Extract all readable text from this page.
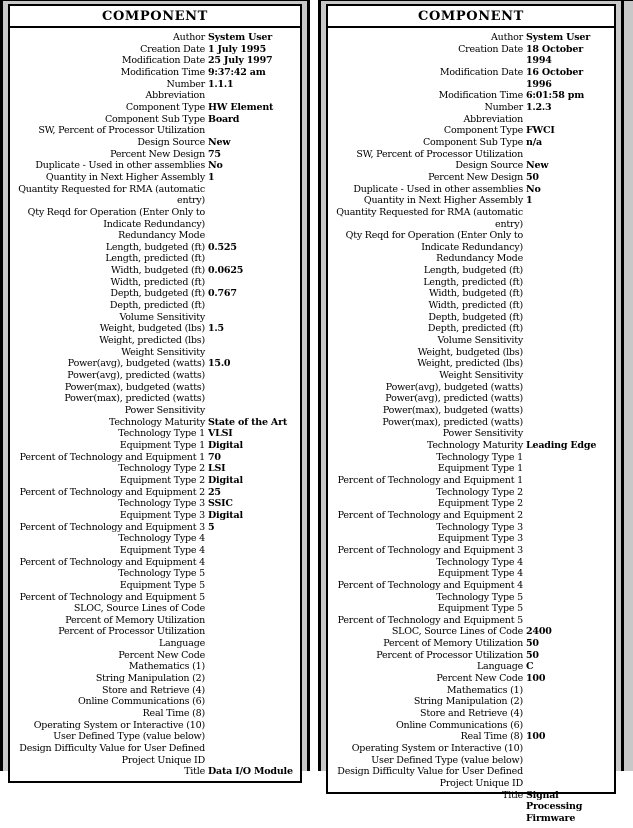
COMPONENT
Author System User
Creation Date 1 July 1995
Modification Date 25 July 1997
Modification Time 9:37:42 am
Number 1.1.1
Abbreviation
Component Type HW Element
Component Sub Type Board
SW, Percent of Processor Utilization
Design Source New
Percent New Design 75
Duplicate - Used in other assemblies No
Quantity in Next Higher Assembly 1
Quantity Requested for RMA (automatic entry)
Qty Reqd for Operation (Enter Only to Indicate Redundancy)
Redundancy Mode
Length, budgeted (ft) 0.525
Length, predicted (ft)
Width, budgeted (ft) 0.0625
Width, predicted (ft)
Depth, budgeted (ft) 0.767
Depth, predicted (ft)
Volume Sensitivity
Weight, budgeted (lbs) 1.5
Weight, predicted (lbs)
Weight Sensitivity
Power(avg), budgeted (watts) 15.0
Power(avg), predicted (watts)
Power(max), budgeted (watts)
Power(max), predicted (watts)
Power Sensitivity
Technology Maturity State of the Art
Technology Type 1 VLSI
Equipment Type 1 Digital
Percent of Technology and Equipment 1 70
Technology Type 2 LSI
Equipment Type 2 Digital
Percent of Technology and Equipment 2 25
Technology Type 3 SSIC
Equipment Type 3 Digital
Percent of Technology and Equipment 3 5
Technology Type 4
Equipment Type 4
Percent of Technology and Equipment 4
Technology Type 5
Equipment Type 5
Percent of Technology and Equipment 5
SLOC, Source Lines of Code
Percent of Memory Utilization
Percent of Processor Utilization
Language
Percent New Code
Mathematics (1)
String Manipulation (2)
Store and Retrieve (4)
Online Communications (6)
Real Time (8)
Operating System or Interactive (10)
User Defined Type (value below)
Design Difficulty Value for User Defined
Project Unique ID
Title Data I/O Module
COMPONENT
Author System User
Creation Date 18 October 1994
Modification Date 16 October 1996
Modification Time 6:01:58 pm
Number 1.2.3
Abbreviation
Component Type FWCI
Component Sub Type n/a
SW, Percent of Processor Utilization
Design Source New
Percent New Design 50
Duplicate - Used in other assemblies No
Quantity in Next Higher Assembly 1
Quantity Requested for RMA (automatic entry)
Qty Reqd for Operation (Enter Only to Indicate Redundancy)
Redundancy Mode
Length, budgeted (ft)
Length, predicted (ft)
Width, budgeted (ft)
Width, predicted (ft)
Depth, budgeted (ft)
Depth, predicted (ft)
Volume Sensitivity
Weight, budgeted (lbs)
Weight, predicted (lbs)
Weight Sensitivity
Power(avg), budgeted (watts)
Power(avg), predicted (watts)
Power(max), budgeted (watts)
Power(max), predicted (watts)
Power Sensitivity
Technology Maturity Leading Edge
Technology Type 1
Equipment Type 1
Percent of Technology and Equipment 1
Technology Type 2
Equipment Type 2
Percent of Technology and Equipment 2
Technology Type 3
Equipment Type 3
Percent of Technology and Equipment 3
Technology Type 4
Equipment Type 4
Percent of Technology and Equipment 4
Technology Type 5
Equipment Type 5
Percent of Technology and Equipment 5
SLOC, Source Lines of Code 2400
Percent of Memory Utilization 50
Percent of Processor Utilization 50
Language C
Percent New Code 100
Mathematics (1)
String Manipulation (2)
Store and Retrieve (4)
Online Communications (6)
Real Time (8) 100
Operating System or Interactive (10)
User Defined Type (value below)
Design Difficulty Value for User Defined
Project Unique ID
Title Signal Processing Firmware
